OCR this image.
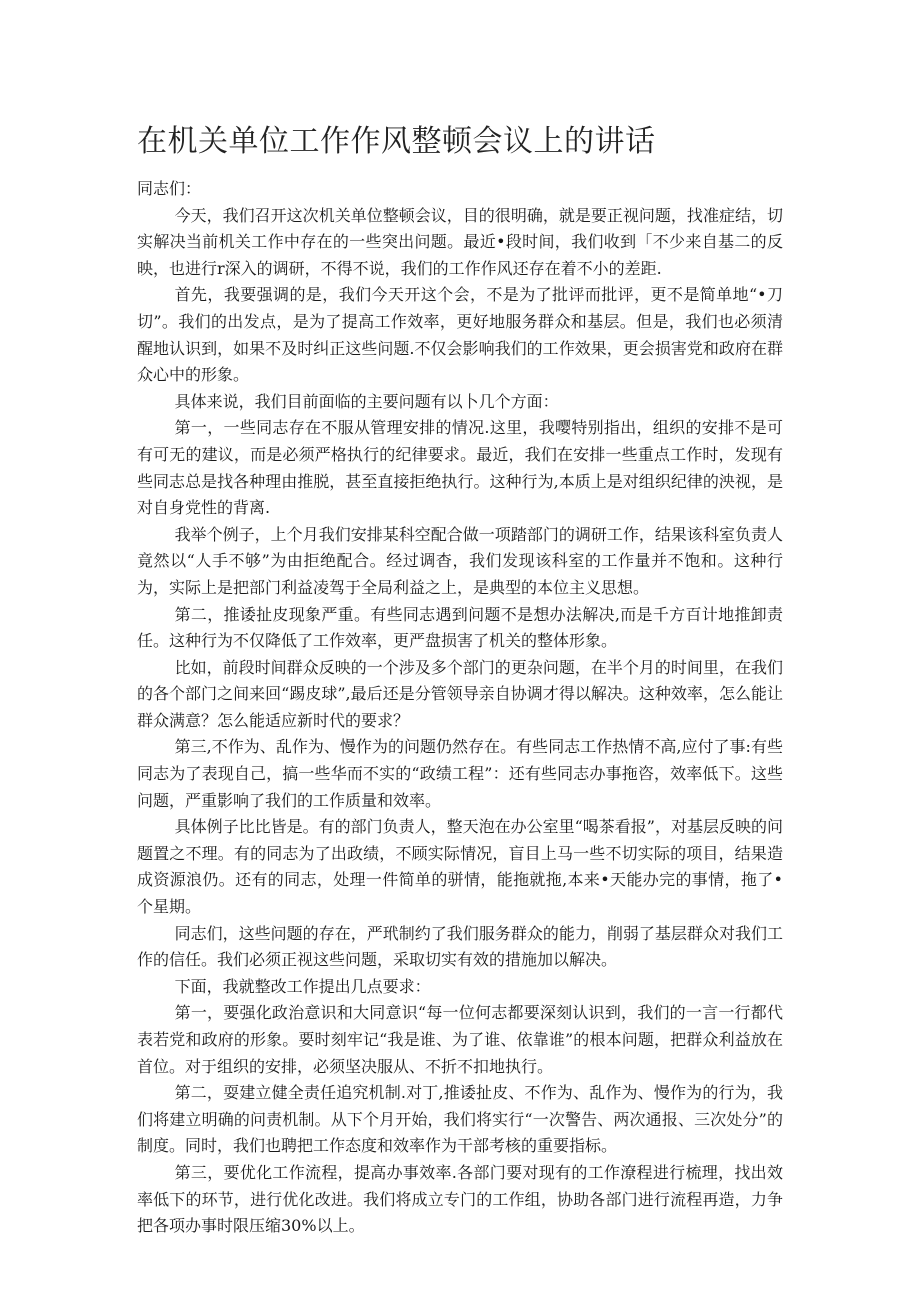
在机关单位工作作风整顿会议上的讲话

同志们：

今天，我们召开这次机关单位整顿会议，目的很明确，就是要正视问题，找准症结，切实解决当前机关工作中存在的一些突出问题。最近•段时间，我们收到「不少来自基二的反映，也进行r深入的调研，不得不说，我们的工作作风还存在着不小的差距.

首先，我要强调的是，我们今天开这个会，不是为了批评而批评，更不是简单地“•刀切”。我们的出发点，是为了提高工作效率，更好地服务群众和基层。但是，我们也必须清醒地认识到，如果不及时纠正这些问题.不仅会影响我们的工作效果，更会损害党和政府在群众心中的形象。

具体来说，我们目前面临的主要问题有以卜几个方面：

第一，一些同志存在不服从管理安排的情况.这里，我嘤特别指出，组织的安排不是可有可无的建议，而是必须严格执行的纪律要求。最近，我们在安排一些重点工作时，发现有些同志总是找各种理由推脱，甚至直接拒绝执行。这种行为,本质上是对组织纪律的泱视，是对自身党性的背离.

我举个例子，上个月我们安排某科空配合做一项踏部门的调研工作，结果该科室负责人竟然以“人手不够”为由拒绝配合。经过调杳，我们发现该科室的工作量并不饱和。这种行为，实际上是把部门利益凌驾于全局利益之上，是典型的本位主义思想。

第二，推诿扯皮现象严重。有些同志遇到问题不是想办法解决,而是千方百计地推卸责任。这种行为不仅降低了工作效率，更严盘损害了机关的整体形象。

比如，前段时间群众反映的一个涉及多个部门的更杂问题，在半个月的时间里，在我们的各个部门之间来回“踢皮球”,最后还是分管领导亲自协调才得以解决。这种效率，怎么能让群众满意？怎么能适应新时代的要求？

第三,不作为、乱作为、慢作为的问题仍然存在。有些同志工作热情不高,应付了事:有些同志为了表现自己，搞一些华而不实的“政绩工程”：还有些同志办事拖咨，效率低下。这些问题，严重影响了我们的工作质量和效率。

具体例子比比皆是。有的部门负责人，整天泡在办公室里“喝茶看报”，对基层反映的问题置之不理。有的同志为了出政绩，不顾实际情况，盲目上马一些不切实际的项目，结果造成资源浪仍。还有的同志，处理一件简单的骈情，能拖就拖,本来•天能办完的事情，拖了•个星期。

同志们，这些问题的存在，严玳制约了我们服务群众的能力，削弱了基层群众对我们工作的信任。我们必须正视这些问题，采取切实有效的措施加以解决。

下面，我就整改工作提出几点要求：

第一，要强化政治意识和大同意识“每一位何志都要深刻认识到，我们的一言一行都代表若党和政府的形象。要时刻牢记“我是谁、为了谁、依靠谁”的根本问题，把群众利益放在首位。对于组织的安排，必须坚决服从、不折不扣地执行。

第二，耍建立健全责任追究机制.对丁,推诿扯皮、不作为、乱作为、慢作为的行为，我们将建立明确的问责机制。从下个月开始，我们将实行“一次警告、两次通报、三次处分”的制度。同时，我们也聘把工作态度和效率作为干部考核的重要指标。

第三，要优化工作流程，提高办事效率.各部门要对现有的工作潦程进行梳理，找出效率低下的环节，进行优化改进。我们将成立专门的工作组，协助各部门进行流程再造，力争把各项办事时限压缩30%以上。
